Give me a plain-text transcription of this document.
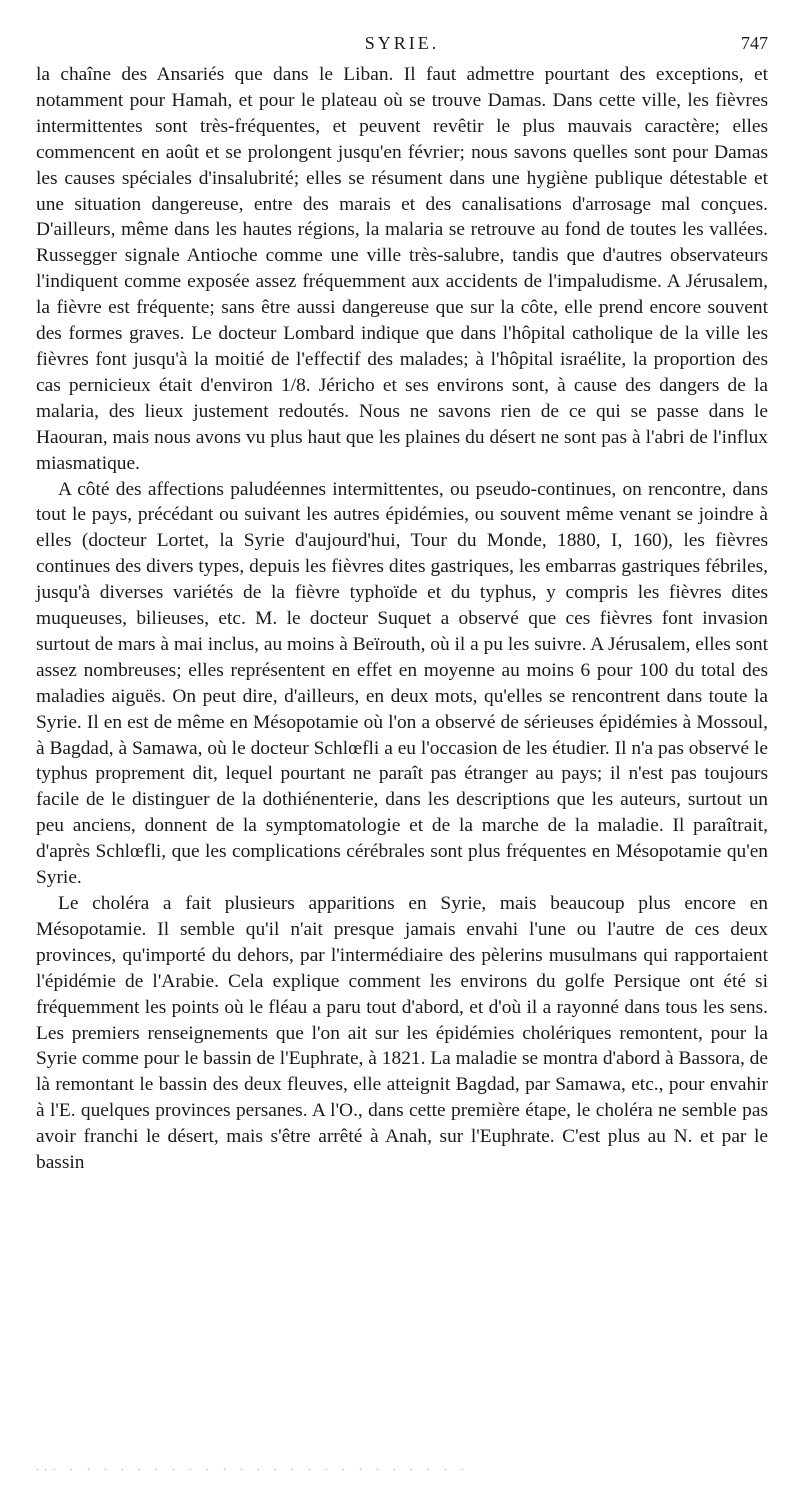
SYRIE.	747

la chaîne des Ansariés que dans le Liban. Il faut admettre pourtant des exceptions, et notamment pour Hamah, et pour le plateau où se trouve Damas. Dans cette ville, les fièvres intermittentes sont très-fréquentes, et peuvent revêtir le plus mauvais caractère; elles commencent en août et se prolongent jusqu'en février; nous savons quelles sont pour Damas les causes spéciales d'insalubrité; elles se résument dans une hygiène publique détestable et une situation dangereuse, entre des marais et des canalisations d'arrosage mal conçues. D'ailleurs, même dans les hautes régions, la malaria se retrouve au fond de toutes les vallées. Russegger signale Antioche comme une ville très-salubre, tandis que d'autres observateurs l'indiquent comme exposée assez fréquemment aux accidents de l'impaludisme. A Jérusalem, la fièvre est fréquente; sans être aussi dangereuse que sur la côte, elle prend encore souvent des formes graves. Le docteur Lombard indique que dans l'hôpital catholique de la ville les fièvres font jusqu'à la moitié de l'effectif des malades; à l'hôpital israélite, la proportion des cas pernicieux était d'environ 1/8. Jéricho et ses environs sont, à cause des dangers de la malaria, des lieux justement redoutés. Nous ne savons rien de ce qui se passe dans le Haouran, mais nous avons vu plus haut que les plaines du désert ne sont pas à l'abri de l'influx miasmatique.

A côté des affections paludéennes intermittentes, ou pseudo-continues, on rencontre, dans tout le pays, précédant ou suivant les autres épidémies, ou souvent même venant se joindre à elles (docteur Lortet, la Syrie d'aujourd'hui, Tour du Monde, 1880, I, 160), les fièvres continues des divers types, depuis les fièvres dites gastriques, les embarras gastriques fébriles, jusqu'à diverses variétés de la fièvre typhoïde et du typhus, y compris les fièvres dites muqueuses, bilieuses, etc. M. le docteur Suquet a observé que ces fièvres font invasion surtout de mars à mai inclus, au moins à Beïrouth, où il a pu les suivre. A Jérusalem, elles sont assez nombreuses; elles représentent en effet en moyenne au moins 6 pour 100 du total des maladies aiguës. On peut dire, d'ailleurs, en deux mots, qu'elles se rencontrent dans toute la Syrie. Il en est de même en Mésopotamie où l'on a observé de sérieuses épidémies à Mossoul, à Bagdad, à Samawa, où le docteur Schlœfli a eu l'occasion de les étudier. Il n'a pas observé le typhus proprement dit, lequel pourtant ne paraît pas étranger au pays; il n'est pas toujours facile de le distinguer de la dothiénenterie, dans les descriptions que les auteurs, surtout un peu anciens, donnent de la symptomatologie et de la marche de la maladie. Il paraîtrait, d'après Schlœfli, que les complications cérébrales sont plus fréquentes en Mésopotamie qu'en Syrie.

Le choléra a fait plusieurs apparitions en Syrie, mais beaucoup plus encore en Mésopotamie. Il semble qu'il n'ait presque jamais envahi l'une ou l'autre de ces deux provinces, qu'importé du dehors, par l'intermédiaire des pèlerins musulmans qui rapportaient l'épidémie de l'Arabie. Cela explique comment les environs du golfe Persique ont été si fréquemment les points où le fléau a paru tout d'abord, et d'où il a rayonné dans tous les sens. Les premiers renseignements que l'on ait sur les épidémies cholériques remontent, pour la Syrie comme pour le bassin de l'Euphrate, à 1821. La maladie se montra d'abord à Bassora, de là remontant le bassin des deux fleuves, elle atteignit Bagdad, par Samawa, etc., pour envahir à l'E. quelques provinces persanes. A l'O., dans cette première étape, le choléra ne semble pas avoir franchi le désert, mais s'être arrêté à Anah, sur l'Euphrate. C'est plus au N. et par le bassin

... . . . . . . . . . . . . . . . . . . . . . . . .
